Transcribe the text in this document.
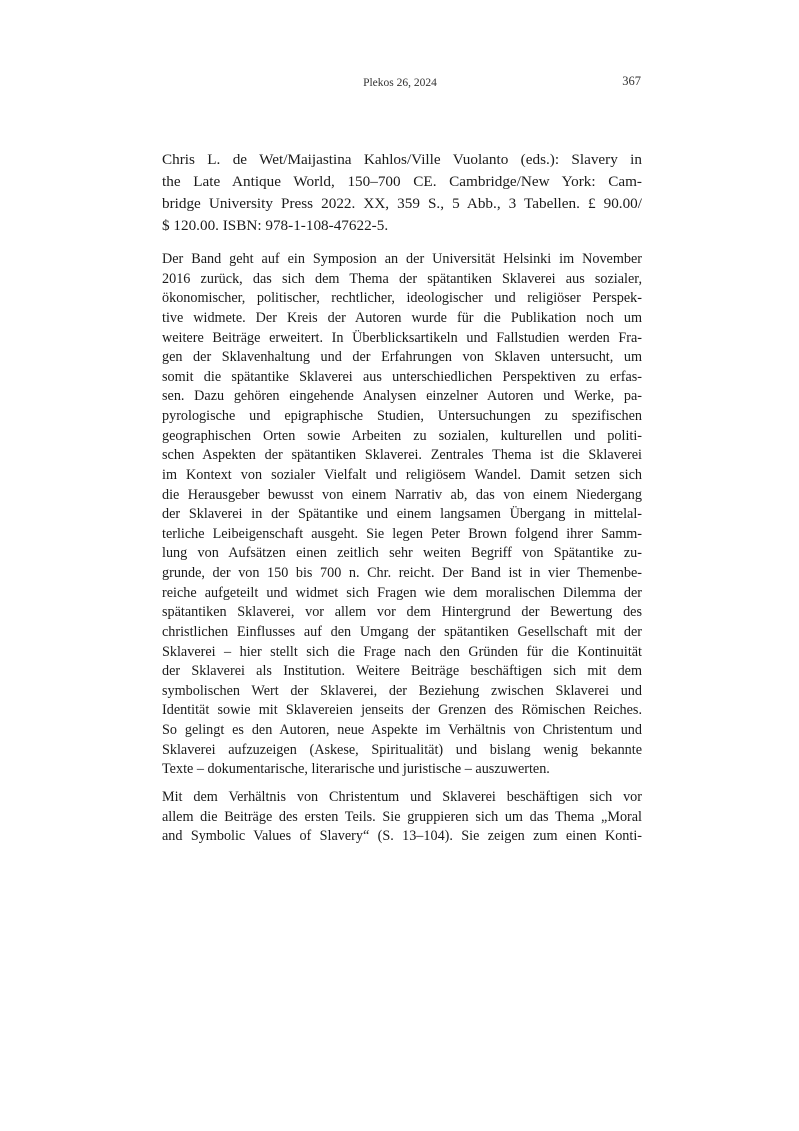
Plekos 26, 2024	367
Chris L. de Wet/Maijastina Kahlos/Ville Vuolanto (eds.): Slavery in
the Late Antique World, 150–700 CE. Cambridge/New York: Cam-
bridge University Press 2022. XX, 359 S., 5 Abb., 3 Tabellen. £ 90.00/
$ 120.00. ISBN: 978-1-108-47622-5.

Der Band geht auf ein Symposion an der Universität Helsinki im November
2016 zurück, das sich dem Thema der spätantiken Sklaverei aus sozialer,
ökonomischer, politischer, rechtlicher, ideologischer und religiöser Perspek-
tive widmete. Der Kreis der Autoren wurde für die Publikation noch um
weitere Beiträge erweitert. In Überblicksartikeln und Fallstudien werden Fra-
gen der Sklavenhaltung und der Erfahrungen von Sklaven untersucht, um
somit die spätantike Sklaverei aus unterschiedlichen Perspektiven zu erfas-
sen. Dazu gehören eingehende Analysen einzelner Autoren und Werke, pa-
pyrologische und epigraphische Studien, Untersuchungen zu spezifischen
geographischen Orten sowie Arbeiten zu sozialen, kulturellen und politi-
schen Aspekten der spätantiken Sklaverei. Zentrales Thema ist die Sklaverei
im Kontext von sozialer Vielfalt und religiösem Wandel. Damit setzen sich
die Herausgeber bewusst von einem Narrativ ab, das von einem Niedergang
der Sklaverei in der Spätantike und einem langsamen Übergang in mittelal-
terliche Leibeigenschaft ausgeht. Sie legen Peter Brown folgend ihrer Samm-
lung von Aufsätzen einen zeitlich sehr weiten Begriff von Spätantike zu-
grunde, der von 150 bis 700 n. Chr. reicht. Der Band ist in vier Themenbe-
reiche aufgeteilt und widmet sich Fragen wie dem moralischen Dilemma der
spätantiken Sklaverei, vor allem vor dem Hintergrund der Bewertung des
christlichen Einflusses auf den Umgang der spätantiken Gesellschaft mit der
Sklaverei – hier stellt sich die Frage nach den Gründen für die Kontinuität
der Sklaverei als Institution. Weitere Beiträge beschäftigen sich mit dem
symbolischen Wert der Sklaverei, der Beziehung zwischen Sklaverei und
Identität sowie mit Sklavereien jenseits der Grenzen des Römischen Reiches.
So gelingt es den Autoren, neue Aspekte im Verhältnis von Christentum und
Sklaverei aufzuzeigen (Askese, Spiritualität) und bislang wenig bekannte
Texte – dokumentarische, literarische und juristische – auszuwerten.

Mit dem Verhältnis von Christentum und Sklaverei beschäftigen sich vor
allem die Beiträge des ersten Teils. Sie gruppieren sich um das Thema „Moral
and Symbolic Values of Slavery“ (S. 13–104). Sie zeigen zum einen Konti-
